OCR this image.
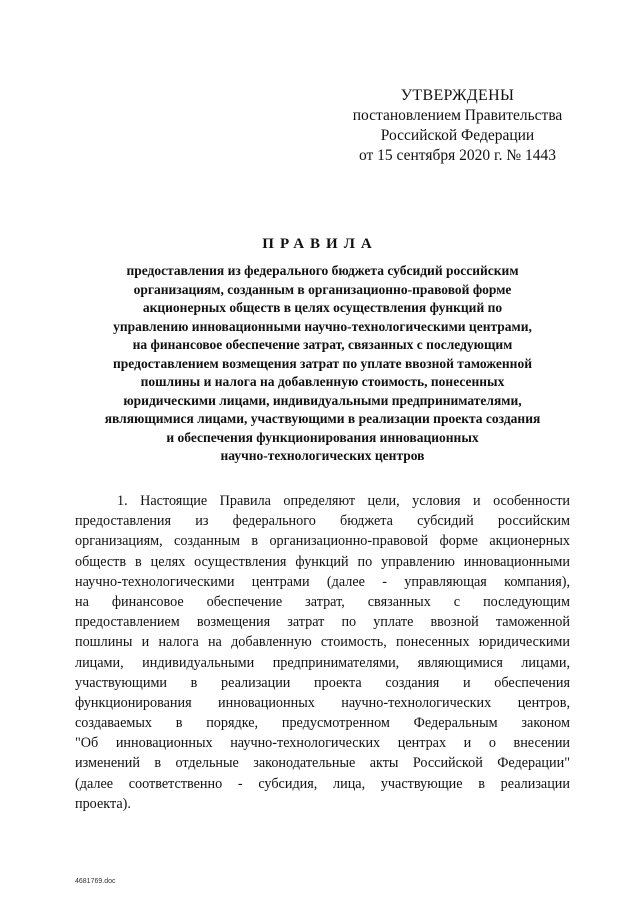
УТВЕРЖДЕНЫ
постановлением Правительства
Российской Федерации
от 15 сентября 2020 г. № 1443
ПРАВИЛА
предоставления из федерального бюджета субсидий российским
организациям, созданным в организационно-правовой форме
акционерных обществ в целях осуществления функций по
управлению инновационными научно-технологическими центрами,
на финансовое обеспечение затрат, связанных с последующим
предоставлением возмещения затрат по уплате ввозной таможенной
пошлины и налога на добавленную стоимость, понесенных
юридическими лицами, индивидуальными предпринимателями,
являющимися лицами, участвующими в реализации проекта создания
и обеспечения функционирования инновационных
научно-технологических центров
1. Настоящие Правила определяют цели, условия и особенности
предоставления из федерального бюджета субсидий российским
организациям, созданным в организационно-правовой форме акционерных
обществ в целях осуществления функций по управлению инновационными
научно-технологическими центрами (далее - управляющая компания),
на финансовое обеспечение затрат, связанных с последующим
предоставлением возмещения затрат по уплате ввозной таможенной
пошлины и налога на добавленную стоимость, понесенных юридическими
лицами, индивидуальными предпринимателями, являющимися лицами,
участвующими в реализации проекта создания и обеспечения
функционирования инновационных научно-технологических центров,
создаваемых в порядке, предусмотренном Федеральным законом
"Об инновационных научно-технологических центрах и о внесении
изменений в отдельные законодательные акты Российской Федерации"
(далее соответственно - субсидия, лица, участвующие в реализации
проекта).
4681769.doc
